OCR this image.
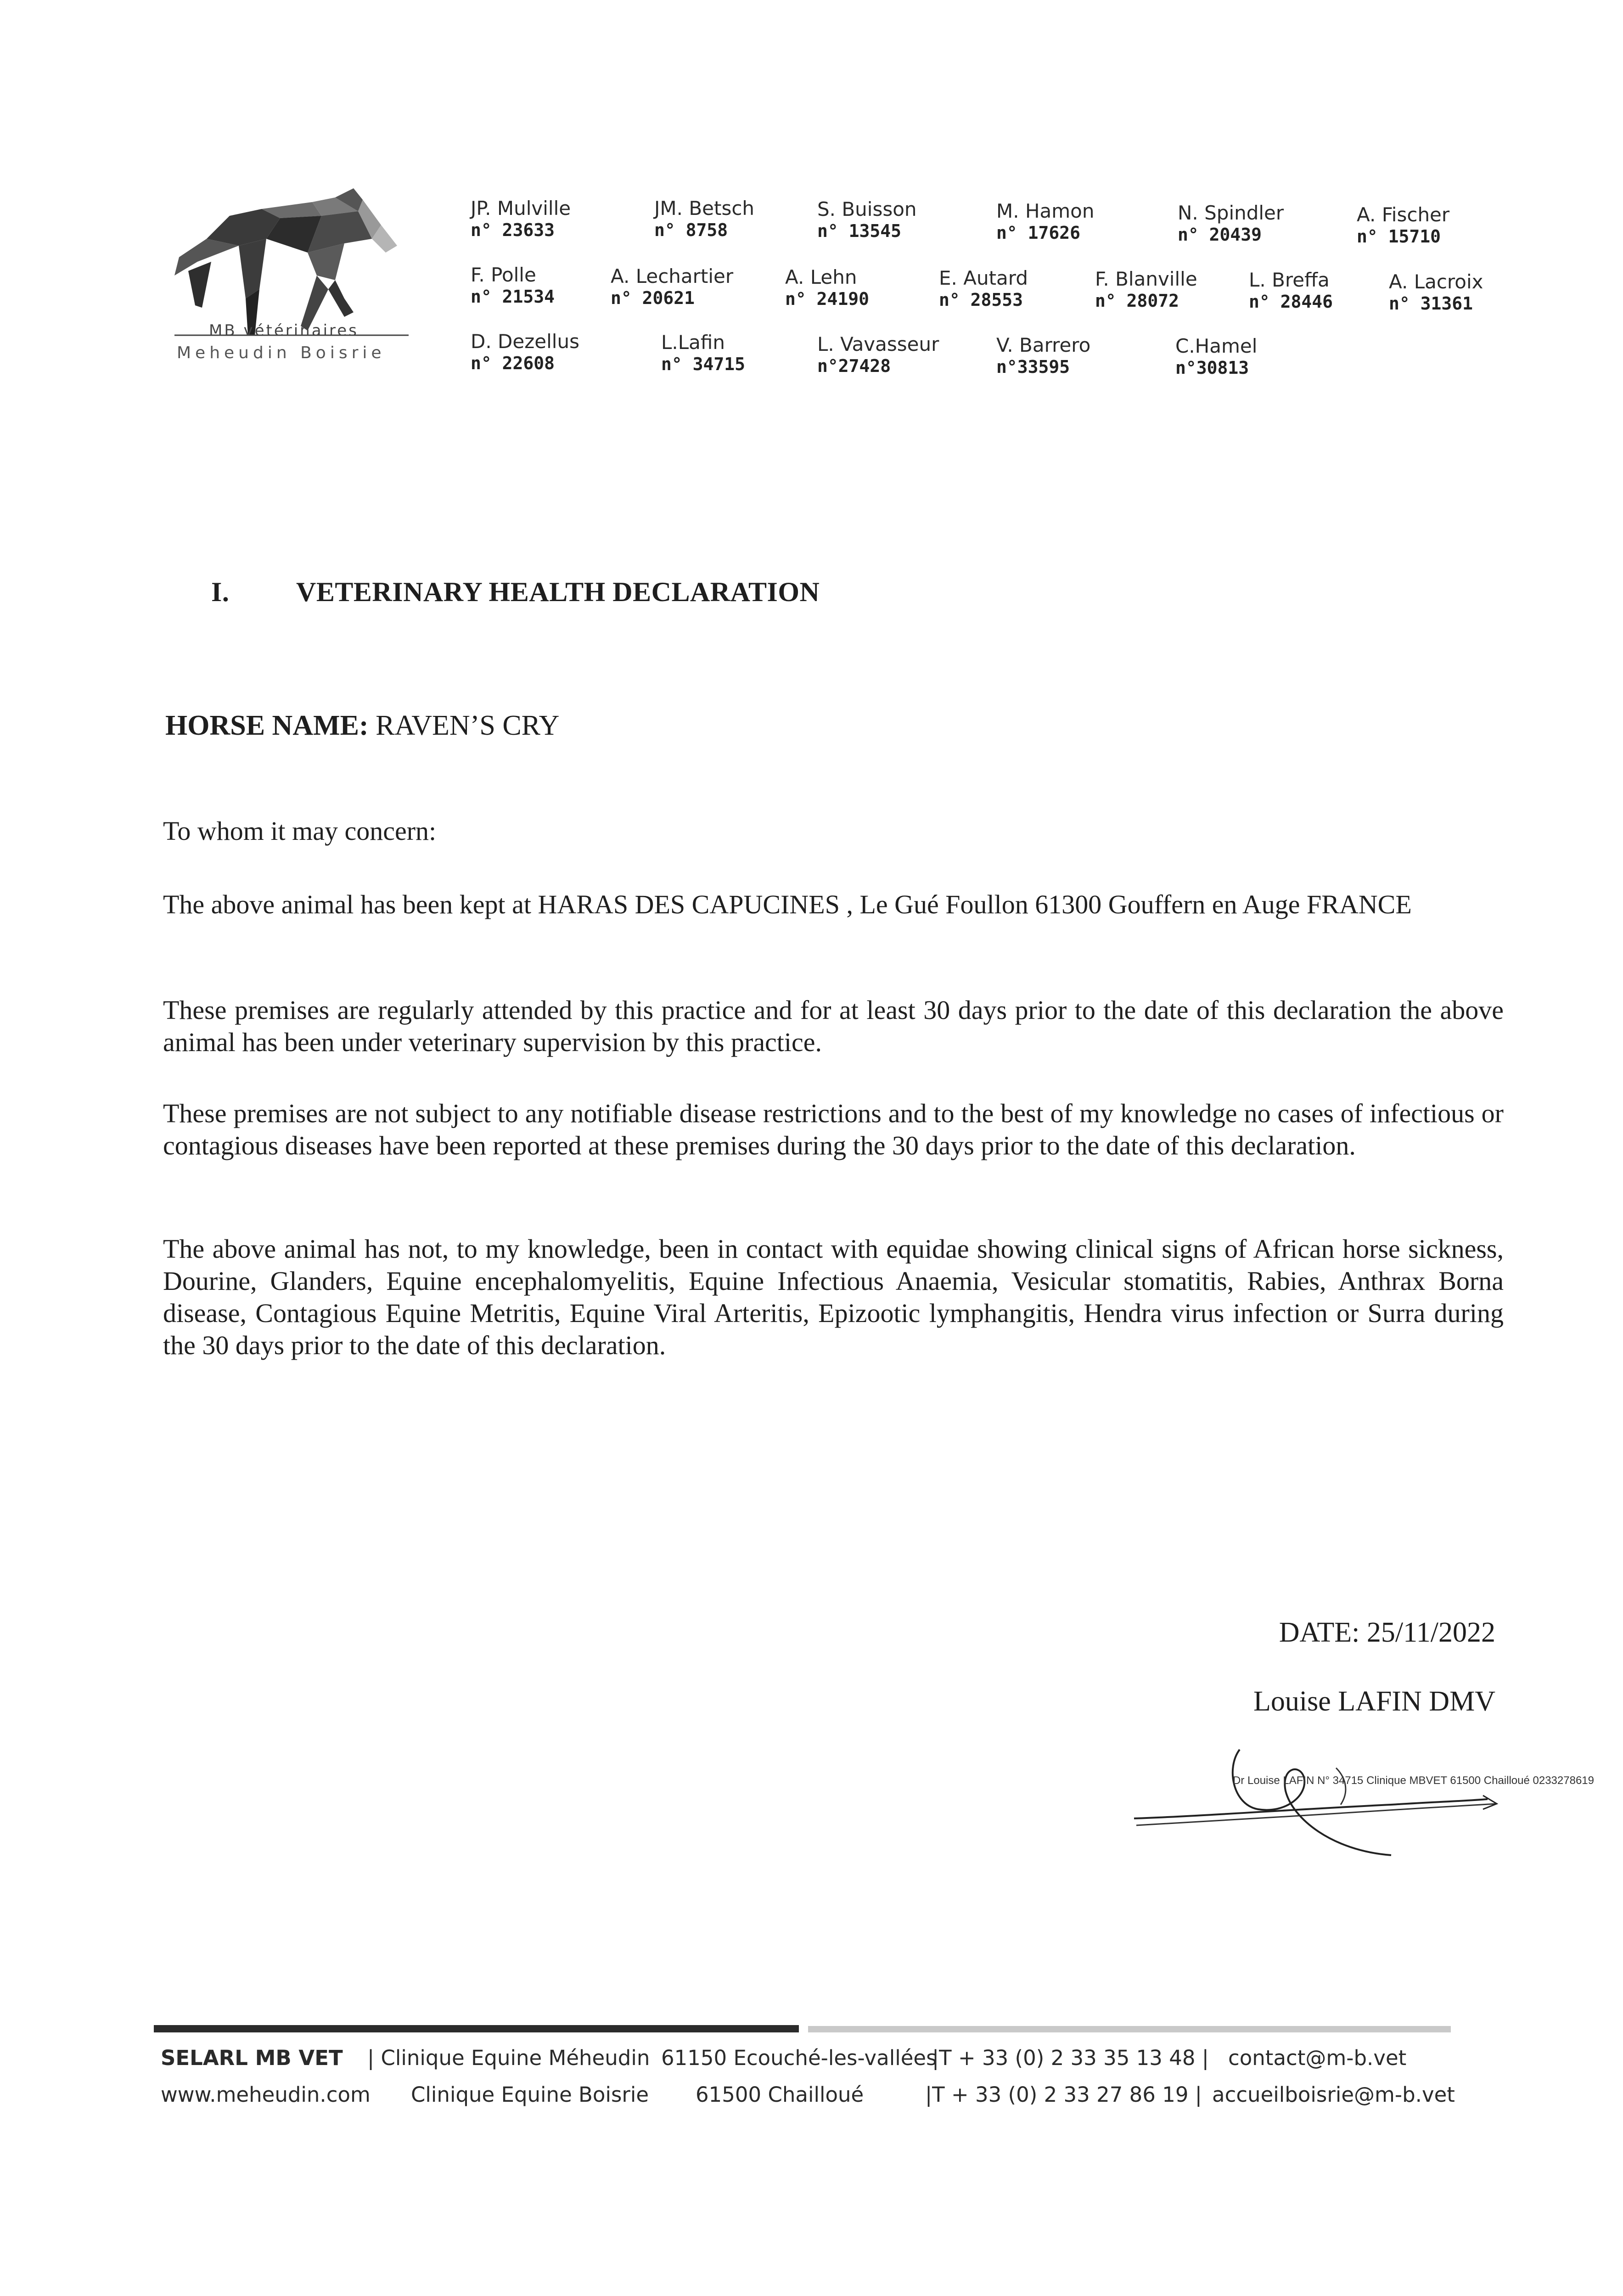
MB vétérinaires
Meheudin Boisrie
JP. Mulville
n° 23633
JM. Betsch
n° 8758
S. Buisson
n° 13545
M. Hamon
n° 17626
N. Spindler
n° 20439
A. Fischer
n° 15710
F. Polle
n° 21534
A. Lechartier
n° 20621
A. Lehn
n° 24190
E. Autard
n° 28553
F. Blanville
n° 28072
L. Breffa
n° 28446
A. Lacroix
n° 31361
D. Dezellus
n° 22608
L.Lafin
n° 34715
L. Vavasseur
n°27428
V. Barrero
n°33595
C.Hamel
n°30813
I. VETERINARY HEALTH DECLARATION
HORSE NAME: RAVEN’S CRY
To whom it may concern:
The above animal has been kept at HARAS DES CAPUCINES , Le Gué Foullon 61300 Gouffern en Auge FRANCE
These premises are regularly attended by this practice and for at least 30 days prior to the date of this declaration the above animal has been under veterinary supervision by this practice.
These premises are not subject to any notifiable disease restrictions and to the best of my knowledge no cases of infectious or contagious diseases have been reported at these premises during the 30 days prior to the date of this declaration.
The above animal has not, to my knowledge, been in contact with equidae showing clinical signs of African horse sickness, Dourine, Glanders, Equine encephalomyelitis, Equine Infectious Anaemia, Vesicular stomatitis, Rabies, Anthrax Borna disease, Contagious Equine Metritis, Equine Viral Arteritis, Epizootic lymphangitis, Hendra virus infection or Surra during the 30 days prior to the date of this declaration.
DATE: 25/11/2022
Louise LAFIN DMV
Dr Louise LAFIN N° 34715 Clinique MBVET 61500 Chailloué 0233278619
SELARL MB VET | Clinique Equine Méheudin 61150 Ecouché-les-vallées
|T + 33 (0) 2 33 35 13 48 | contact@m-b.vet
www.meheudin.com Clinique Equine Boisrie 61500 Chailloué	|T + 33 (0) 2 33 27 86 19 | accueilboisrie@m-b.vet
